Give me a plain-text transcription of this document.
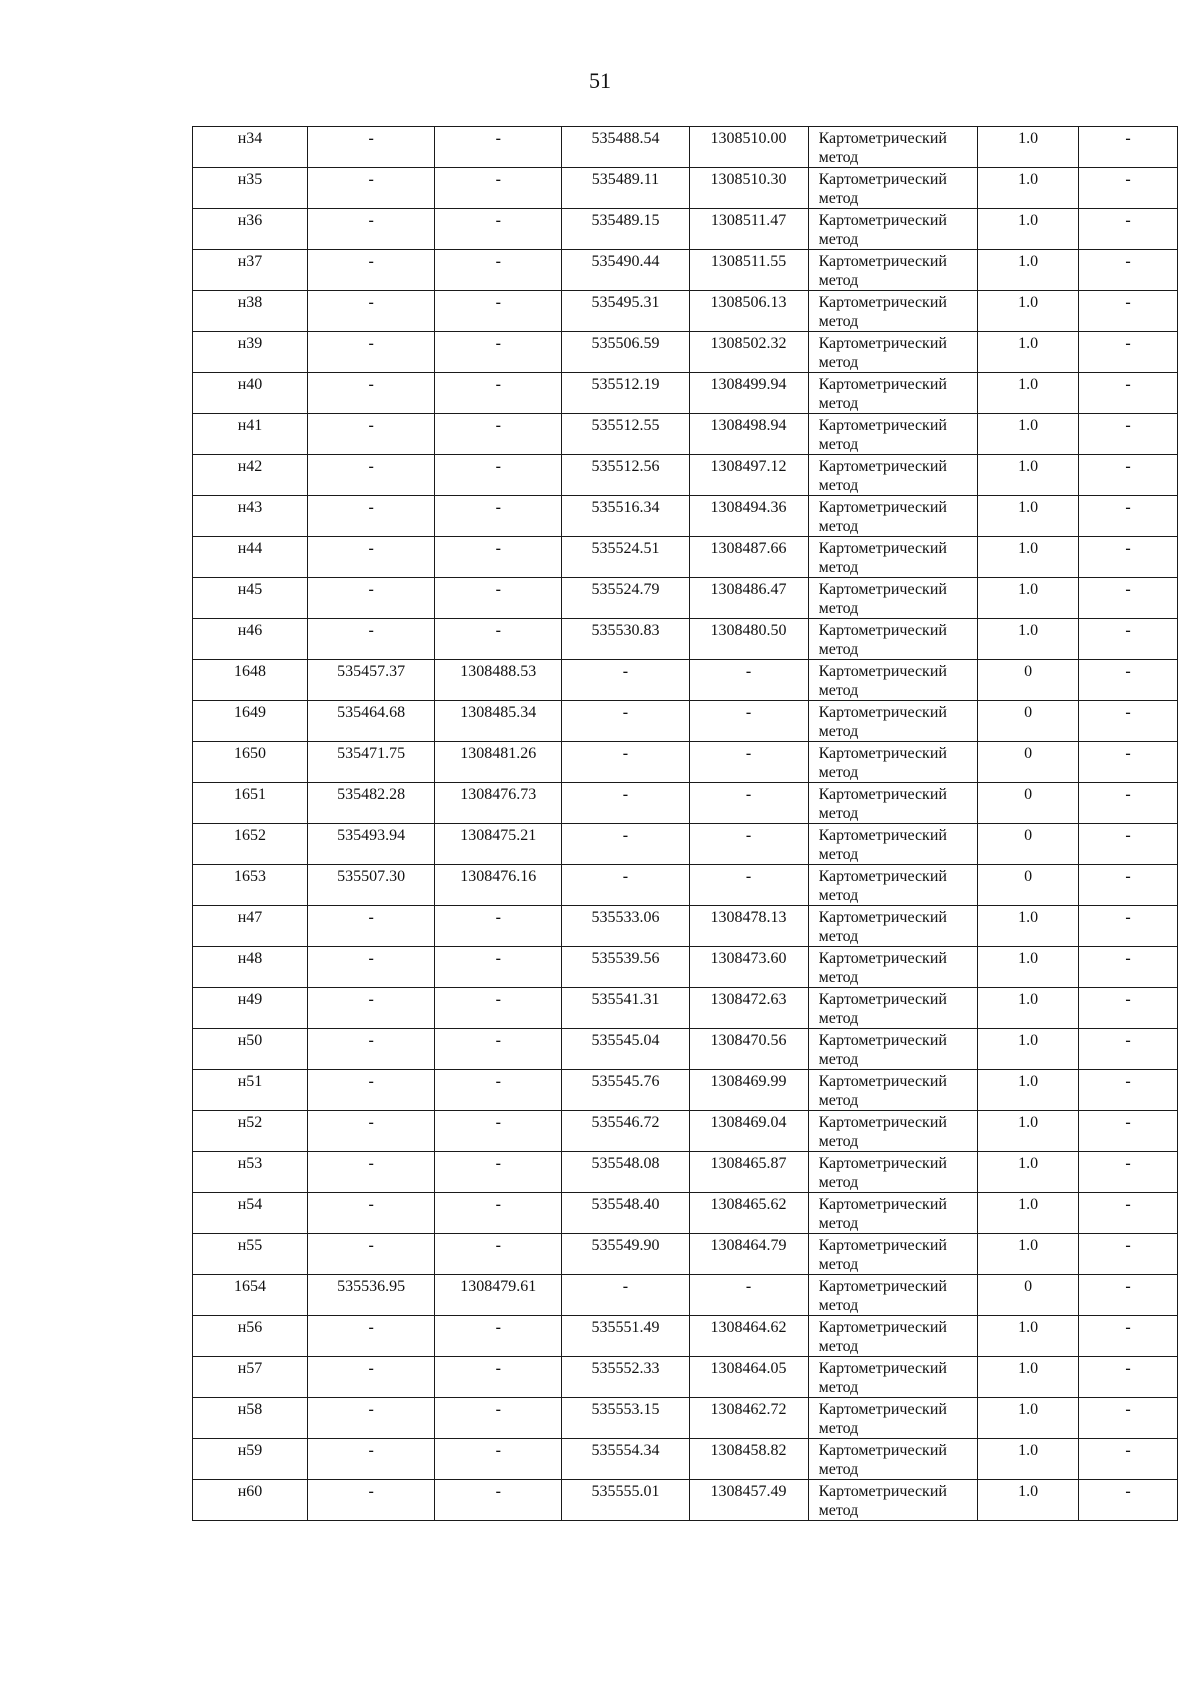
51
н34	-	-	535488.54	1308510.00	Картометрический метод	1.0	-
н35	-	-	535489.11	1308510.30	Картометрический метод	1.0	-
н36	-	-	535489.15	1308511.47	Картометрический метод	1.0	-
н37	-	-	535490.44	1308511.55	Картометрический метод	1.0	-
н38	-	-	535495.31	1308506.13	Картометрический метод	1.0	-
н39	-	-	535506.59	1308502.32	Картометрический метод	1.0	-
н40	-	-	535512.19	1308499.94	Картометрический метод	1.0	-
н41	-	-	535512.55	1308498.94	Картометрический метод	1.0	-
н42	-	-	535512.56	1308497.12	Картометрический метод	1.0	-
н43	-	-	535516.34	1308494.36	Картометрический метод	1.0	-
н44	-	-	535524.51	1308487.66	Картометрический метод	1.0	-
н45	-	-	535524.79	1308486.47	Картометрический метод	1.0	-
н46	-	-	535530.83	1308480.50	Картометрический метод	1.0	-
1648	535457.37	1308488.53	-	-	Картометрический метод	0	-
1649	535464.68	1308485.34	-	-	Картометрический метод	0	-
1650	535471.75	1308481.26	-	-	Картометрический метод	0	-
1651	535482.28	1308476.73	-	-	Картометрический метод	0	-
1652	535493.94	1308475.21	-	-	Картометрический метод	0	-
1653	535507.30	1308476.16	-	-	Картометрический метод	0	-
н47	-	-	535533.06	1308478.13	Картометрический метод	1.0	-
н48	-	-	535539.56	1308473.60	Картометрический метод	1.0	-
н49	-	-	535541.31	1308472.63	Картометрический метод	1.0	-
н50	-	-	535545.04	1308470.56	Картометрический метод	1.0	-
н51	-	-	535545.76	1308469.99	Картометрический метод	1.0	-
н52	-	-	535546.72	1308469.04	Картометрический метод	1.0	-
н53	-	-	535548.08	1308465.87	Картометрический метод	1.0	-
н54	-	-	535548.40	1308465.62	Картометрический метод	1.0	-
н55	-	-	535549.90	1308464.79	Картометрический метод	1.0	-
1654	535536.95	1308479.61	-	-	Картометрический метод	0	-
н56	-	-	535551.49	1308464.62	Картометрический метод	1.0	-
н57	-	-	535552.33	1308464.05	Картометрический метод	1.0	-
н58	-	-	535553.15	1308462.72	Картометрический метод	1.0	-
н59	-	-	535554.34	1308458.82	Картометрический метод	1.0	-
н60	-	-	535555.01	1308457.49	Картометрический метод	1.0	-
